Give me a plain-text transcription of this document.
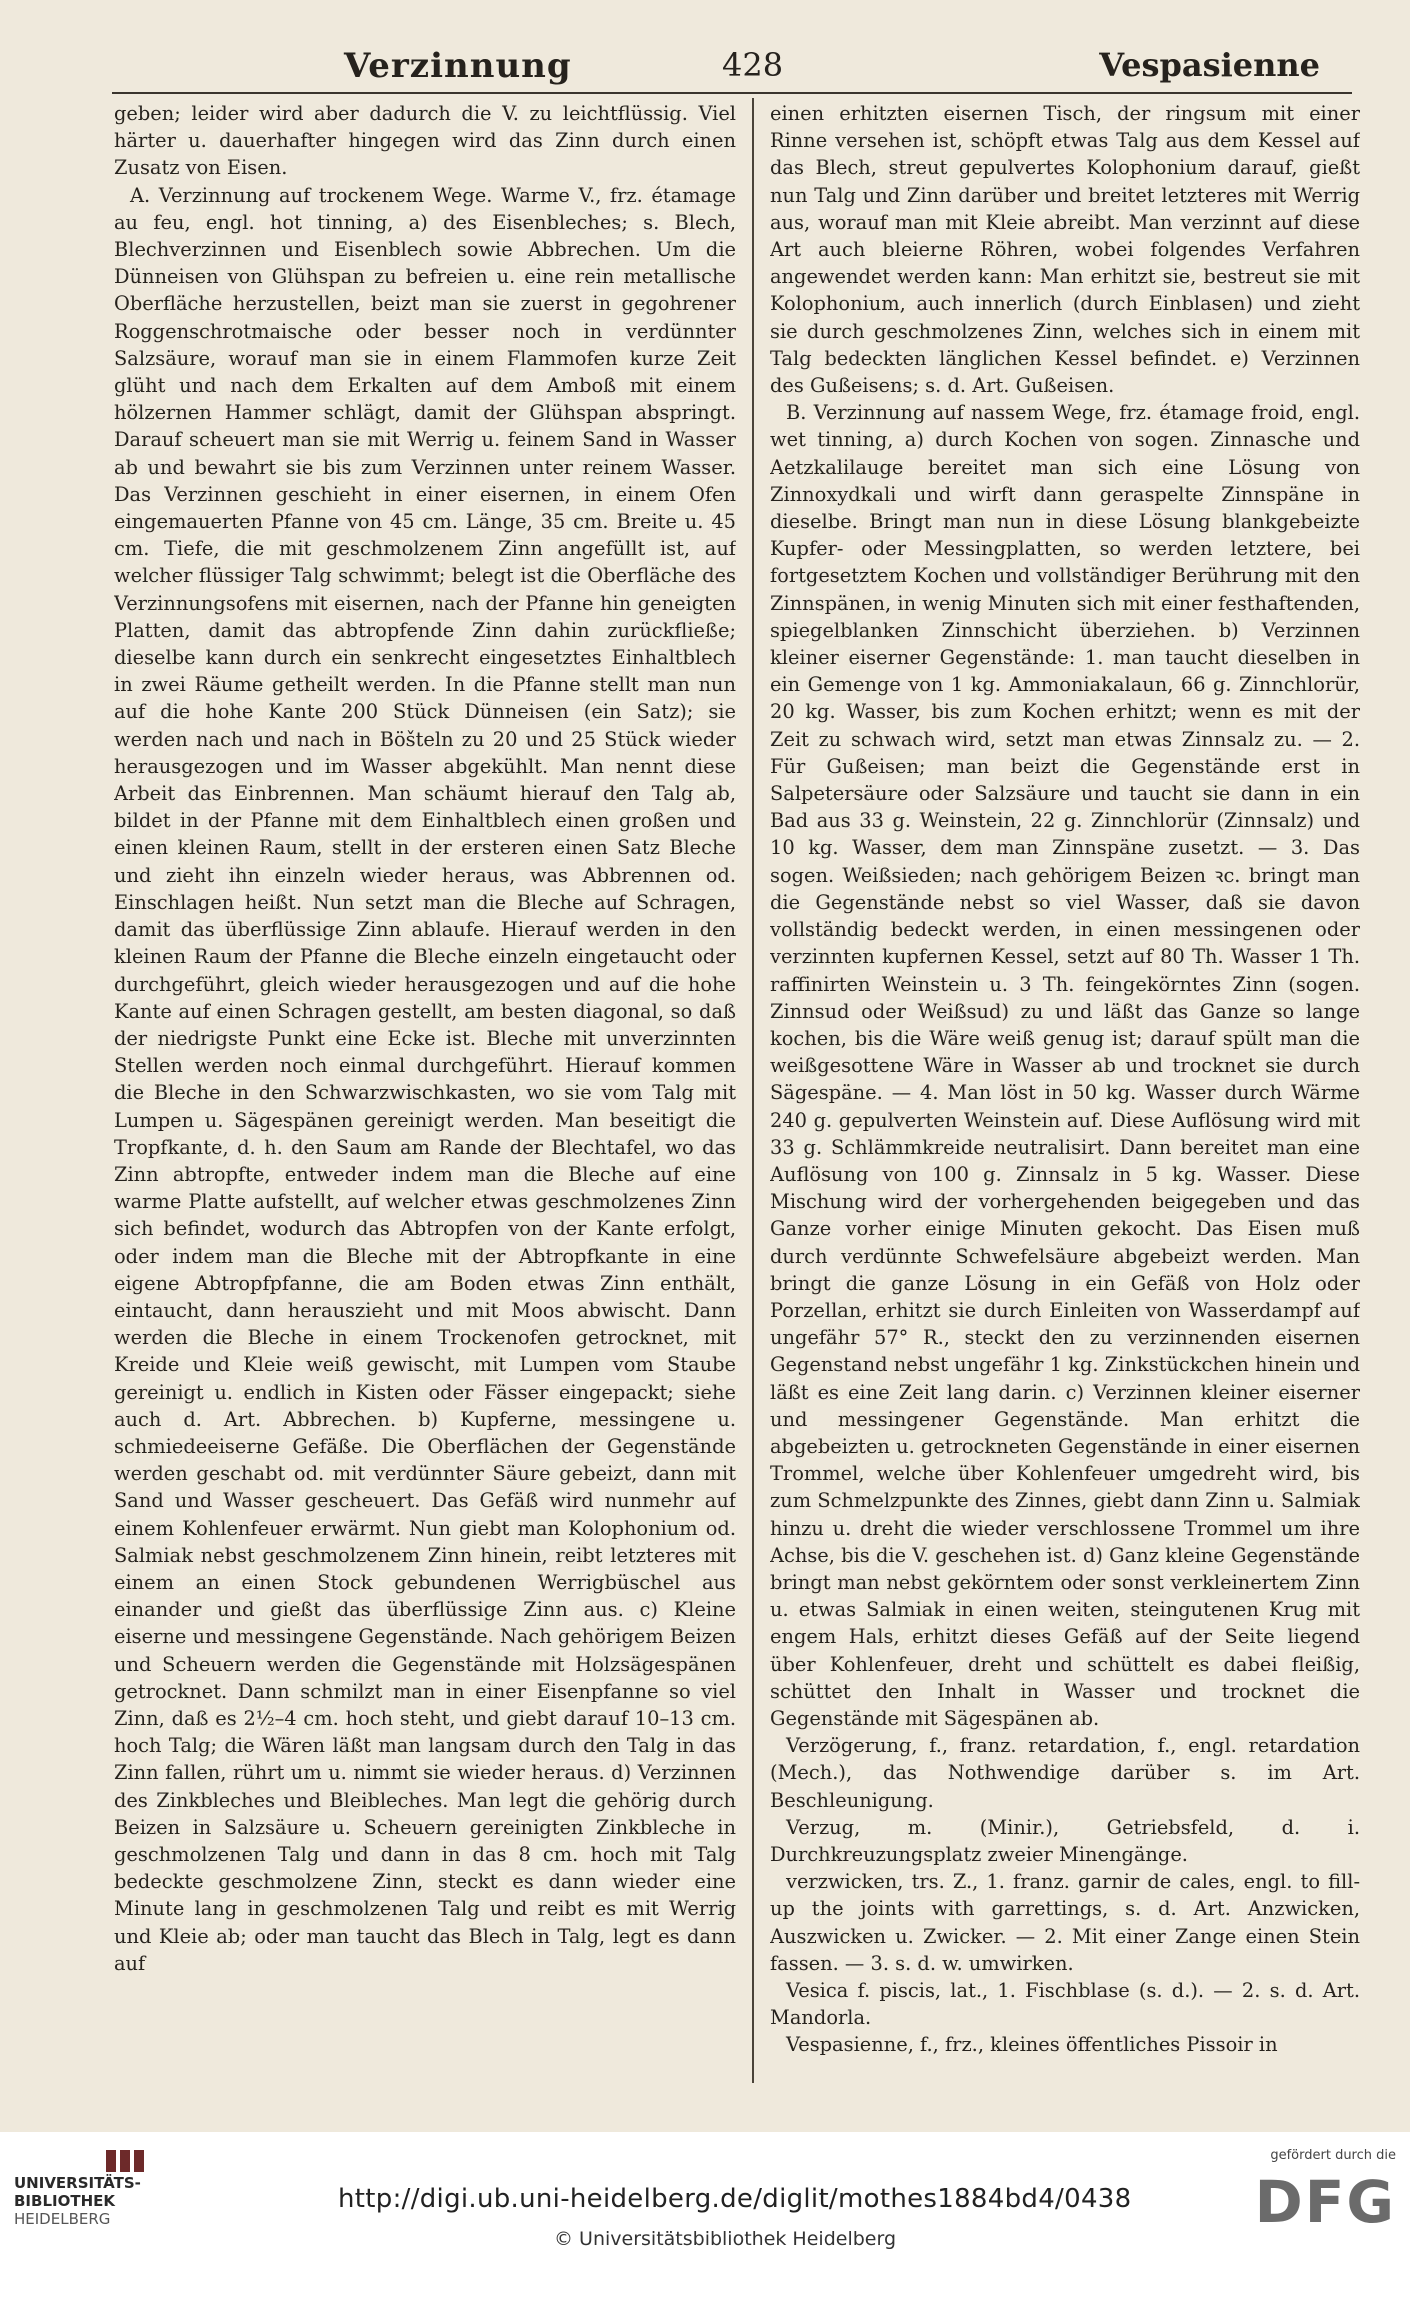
Verzinnung	428	Vespasienne

geben; leider wird aber dadurch die V. zu leichtflüssig. Viel härter u. dauerhafter hingegen wird das Zinn durch einen Zusatz von Eisen.

A. Verzinnung auf trockenem Wege. Warme V., frz. étamage au feu, engl. hot tinning, a) des Eisenbleches; s. Blech, Blechverzinnen und Eisenblech sowie Abbrechen. Um die Dünneisen von Glühspan zu befreien u. eine rein metallische Oberfläche herzustellen, beizt man sie zuerst in gegohrener Roggenschrotmaische oder besser noch in verdünnter Salzsäure, worauf man sie in einem Flammofen kurze Zeit glüht und nach dem Erkalten auf dem Amboß mit einem hölzernen Hammer schlägt, damit der Glühspan abspringt. Darauf scheuert man sie mit Werrig u. feinem Sand in Wasser ab und bewahrt sie bis zum Verzinnen unter reinem Wasser. Das Verzinnen geschieht in einer eisernen, in einem Ofen eingemauerten Pfanne von 45 cm. Länge, 35 cm. Breite u. 45 cm. Tiefe, die mit geschmolzenem Zinn angefüllt ist, auf welcher flüssiger Talg schwimmt; belegt ist die Oberfläche des Verzinnungsofens mit eisernen, nach der Pfanne hin geneigten Platten, damit das abtropfende Zinn dahin zurückfließe; dieselbe kann durch ein senkrecht eingesetztes Einhaltblech in zwei Räume getheilt werden. In die Pfanne stellt man nun auf die hohe Kante 200 Stück Dünneisen (ein Satz); sie werden nach und nach in Böšteln zu 20 und 25 Stück wieder herausgezogen und im Wasser abgekühlt. Man nennt diese Arbeit das Einbrennen. Man schäumt hierauf den Talg ab, bildet in der Pfanne mit dem Einhaltblech einen großen und einen kleinen Raum, stellt in der ersteren einen Satz Bleche und zieht ihn einzeln wieder heraus, was Abbrennen od. Einschlagen heißt. Nun setzt man die Bleche auf Schragen, damit das überflüssige Zinn ablaufe. Hierauf werden in den kleinen Raum der Pfanne die Bleche einzeln eingetaucht oder durchgeführt, gleich wieder herausgezogen und auf die hohe Kante auf einen Schragen gestellt, am besten diagonal, so daß der niedrigste Punkt eine Ecke ist. Bleche mit unverzinnten Stellen werden noch einmal durchgeführt. Hierauf kommen die Bleche in den Schwarzwischkasten, wo sie vom Talg mit Lumpen u. Sägespänen gereinigt werden. Man beseitigt die Tropfkante, d. h. den Saum am Rande der Blechtafel, wo das Zinn abtropfte, entweder indem man die Bleche auf eine warme Platte aufstellt, auf welcher etwas geschmolzenes Zinn sich befindet, wodurch das Abtropfen von der Kante erfolgt, oder indem man die Bleche mit der Abtropfkante in eine eigene Abtropfpfanne, die am Boden etwas Zinn enthält, eintaucht, dann herauszieht und mit Moos abwischt. Dann werden die Bleche in einem Trockenofen getrocknet, mit Kreide und Kleie weiß gewischt, mit Lumpen vom Staube gereinigt u. endlich in Kisten oder Fässer eingepackt; siehe auch d. Art. Abbrechen. b) Kupferne, messingene u. schmiedeeiserne Gefäße. Die Oberflächen der Gegenstände werden geschabt od. mit verdünnter Säure gebeizt, dann mit Sand und Wasser gescheuert. Das Gefäß wird nunmehr auf einem Kohlenfeuer erwärmt. Nun giebt man Kolophonium od. Salmiak nebst geschmolzenem Zinn hinein, reibt letzteres mit einem an einen Stock gebundenen Werrigbüschel aus einander und gießt das überflüssige Zinn aus. c) Kleine eiserne und messingene Gegenstände. Nach gehörigem Beizen und Scheuern werden die Gegenstände mit Holzsägespänen getrocknet. Dann schmilzt man in einer Eisenpfanne so viel Zinn, daß es 2½–4 cm. hoch steht, und giebt darauf 10–13 cm. hoch Talg; die Wären läßt man langsam durch den Talg in das Zinn fallen, rührt um u. nimmt sie wieder heraus. d) Verzinnen des Zinkbleches und Bleibleches. Man legt die gehörig durch Beizen in Salzsäure u. Scheuern gereinigten Zinkbleche in geschmolzenen Talg und dann in das 8 cm. hoch mit Talg bedeckte geschmolzene Zinn, steckt es dann wieder eine Minute lang in geschmolzenen Talg und reibt es mit Werrig und Kleie ab; oder man taucht das Blech in Talg, legt es dann auf

einen erhitzten eisernen Tisch, der ringsum mit einer Rinne versehen ist, schöpft etwas Talg aus dem Kessel auf das Blech, streut gepulvertes Kolophonium darauf, gießt nun Talg und Zinn darüber und breitet letzteres mit Werrig aus, worauf man mit Kleie abreibt. Man verzinnt auf diese Art auch bleierne Röhren, wobei folgendes Verfahren angewendet werden kann: Man erhitzt sie, bestreut sie mit Kolophonium, auch innerlich (durch Einblasen) und zieht sie durch geschmolzenes Zinn, welches sich in einem mit Talg bedeckten länglichen Kessel befindet. e) Verzinnen des Gußeisens; s. d. Art. Gußeisen.

B. Verzinnung auf nassem Wege, frz. étamage froid, engl. wet tinning, a) durch Kochen von sogen. Zinnasche und Aetzkalilauge bereitet man sich eine Lösung von Zinnoxydkali und wirft dann geraspelte Zinnspäne in dieselbe. Bringt man nun in diese Lösung blankgebeizte Kupfer- oder Messingplatten, so werden letztere, bei fortgesetztem Kochen und vollständiger Berührung mit den Zinnspänen, in wenig Minuten sich mit einer festhaftenden, spiegelblanken Zinnschicht überziehen. b) Verzinnen kleiner eiserner Gegenstände: 1. man taucht dieselben in ein Gemenge von 1 kg. Ammoniakalaun, 66 g. Zinnchlorür, 20 kg. Wasser, bis zum Kochen erhitzt; wenn es mit der Zeit zu schwach wird, setzt man etwas Zinnsalz zu. — 2. Für Gußeisen; man beizt die Gegenstände erst in Salpetersäure oder Salzsäure und taucht sie dann in ein Bad aus 33 g. Weinstein, 22 g. Zinnchlorür (Zinnsalz) und 10 kg. Wasser, dem man Zinnspäne zusetzt. — 3. Das sogen. Weißsieden; nach gehörigem Beizen ꝛc. bringt man die Gegenstände nebst so viel Wasser, daß sie davon vollständig bedeckt werden, in einen messingenen oder verzinnten kupfernen Kessel, setzt auf 80 Th. Wasser 1 Th. raffinirten Weinstein u. 3 Th. feingekörntes Zinn (sogen. Zinnsud oder Weißsud) zu und läßt das Ganze so lange kochen, bis die Wäre weiß genug ist; darauf spült man die weißgesottene Wäre in Wasser ab und trocknet sie durch Sägespäne. — 4. Man löst in 50 kg. Wasser durch Wärme 240 g. gepulverten Weinstein auf. Diese Auflösung wird mit 33 g. Schlämmkreide neutralisirt. Dann bereitet man eine Auflösung von 100 g. Zinnsalz in 5 kg. Wasser. Diese Mischung wird der vorhergehenden beigegeben und das Ganze vorher einige Minuten gekocht. Das Eisen muß durch verdünnte Schwefelsäure abgebeizt werden. Man bringt die ganze Lösung in ein Gefäß von Holz oder Porzellan, erhitzt sie durch Einleiten von Wasserdampf auf ungefähr 57° R., steckt den zu verzinnenden eisernen Gegenstand nebst ungefähr 1 kg. Zinkstückchen hinein und läßt es eine Zeit lang darin. c) Verzinnen kleiner eiserner und messingener Gegenstände. Man erhitzt die abgebeizten u. getrockneten Gegenstände in einer eisernen Trommel, welche über Kohlenfeuer umgedreht wird, bis zum Schmelzpunkte des Zinnes, giebt dann Zinn u. Salmiak hinzu u. dreht die wieder verschlossene Trommel um ihre Achse, bis die V. geschehen ist. d) Ganz kleine Gegenstände bringt man nebst gekörntem oder sonst verkleinertem Zinn u. etwas Salmiak in einen weiten, steingutenen Krug mit engem Hals, erhitzt dieses Gefäß auf der Seite liegend über Kohlenfeuer, dreht und schüttelt es dabei fleißig, schüttet den Inhalt in Wasser und trocknet die Gegenstände mit Sägespänen ab.

Verzögerung, f., franz. retardation, f., engl. retardation (Mech.), das Nothwendige darüber s. im Art. Beschleunigung.

Verzug, m. (Minir.), Getriebsfeld, d. i. Durchkreuzungsplatz zweier Minengänge.

verzwicken, trs. Z., 1. franz. garnir de cales, engl. to fill-up the joints with garrettings, s. d. Art. Anzwicken, Auszwicken u. Zwicker. — 2. Mit einer Zange einen Stein fassen. — 3. s. d. w. umwirken.

Vesica f. piscis, lat., 1. Fischblase (s. d.). — 2. s. d. Art. Mandorla.

Vespasienne, f., frz., kleines öffentliches Pissoir in

UNIVERSITÄTS-
BIBLIOTHEK
HEIDELBERG
http://digi.ub.uni-heidelberg.de/diglit/mothes1884bd4/0438
© Universitätsbibliothek Heidelberg
gefördert durch die
DFG
